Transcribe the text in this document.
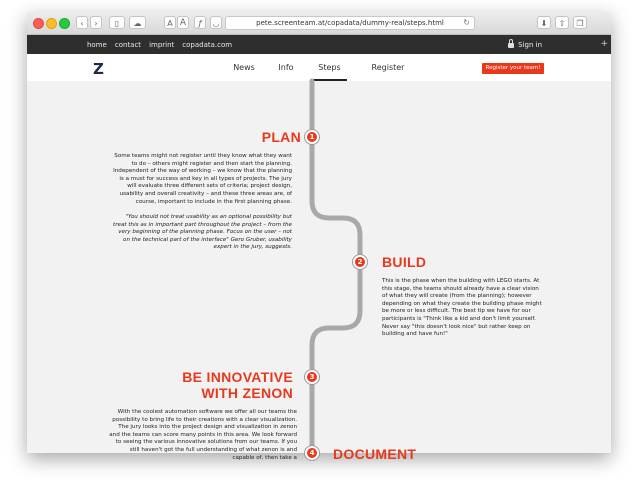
‹	›	▯	☁	A A	ƒ	◡	pete.screenteam.at/copadata/dummy-real/steps.html ↻	⬇	⇧	❐
home contact imprint copadata.com	Sign in	+
Z	News	Info	Steps	Register	Register your team!
PLAN	1
Some teams might not register until they know what they want to do – others might register and then start the planning. Independent of the way of working – we know that the planning is a must for success and key in all types of projects. The jury will evaluate three different sets of criteria; project design, usability and overall creativity – and these three areas are, of course, important to include in the first planning phase.
"You should not treat usability as an optional possibility but treat this as in important part throughout the project – from the very beginning of the planning phase. Focus on the user – not on the technical part of the interface" Gero Gruber, usability expert in the jury, suggests.
2	BUILD
This is the phase when the building with LEGO starts. At this stage, the teams should already have a clear vision of what they will create (from the planning); however depending on what they create the building phase might be more or less difficult. The best tip we have for our participants is "Think like a kid and don't limit yourself. Never say "this doesn't look nice" but rather keep on building and have fun!"
BE INNOVATIVE
WITH ZENON
3
With the coolest automation software we offer all our teams the possibility to bring life to their creations with a clear visualization. The jury looks into the project design and visualization in zenon and the teams can score many points in this area. We look forward to seeing the various innovative solutions from our teams. If you still haven't got the full understanding of what zenon is and capable of, then take a
4	DOCUMENT
